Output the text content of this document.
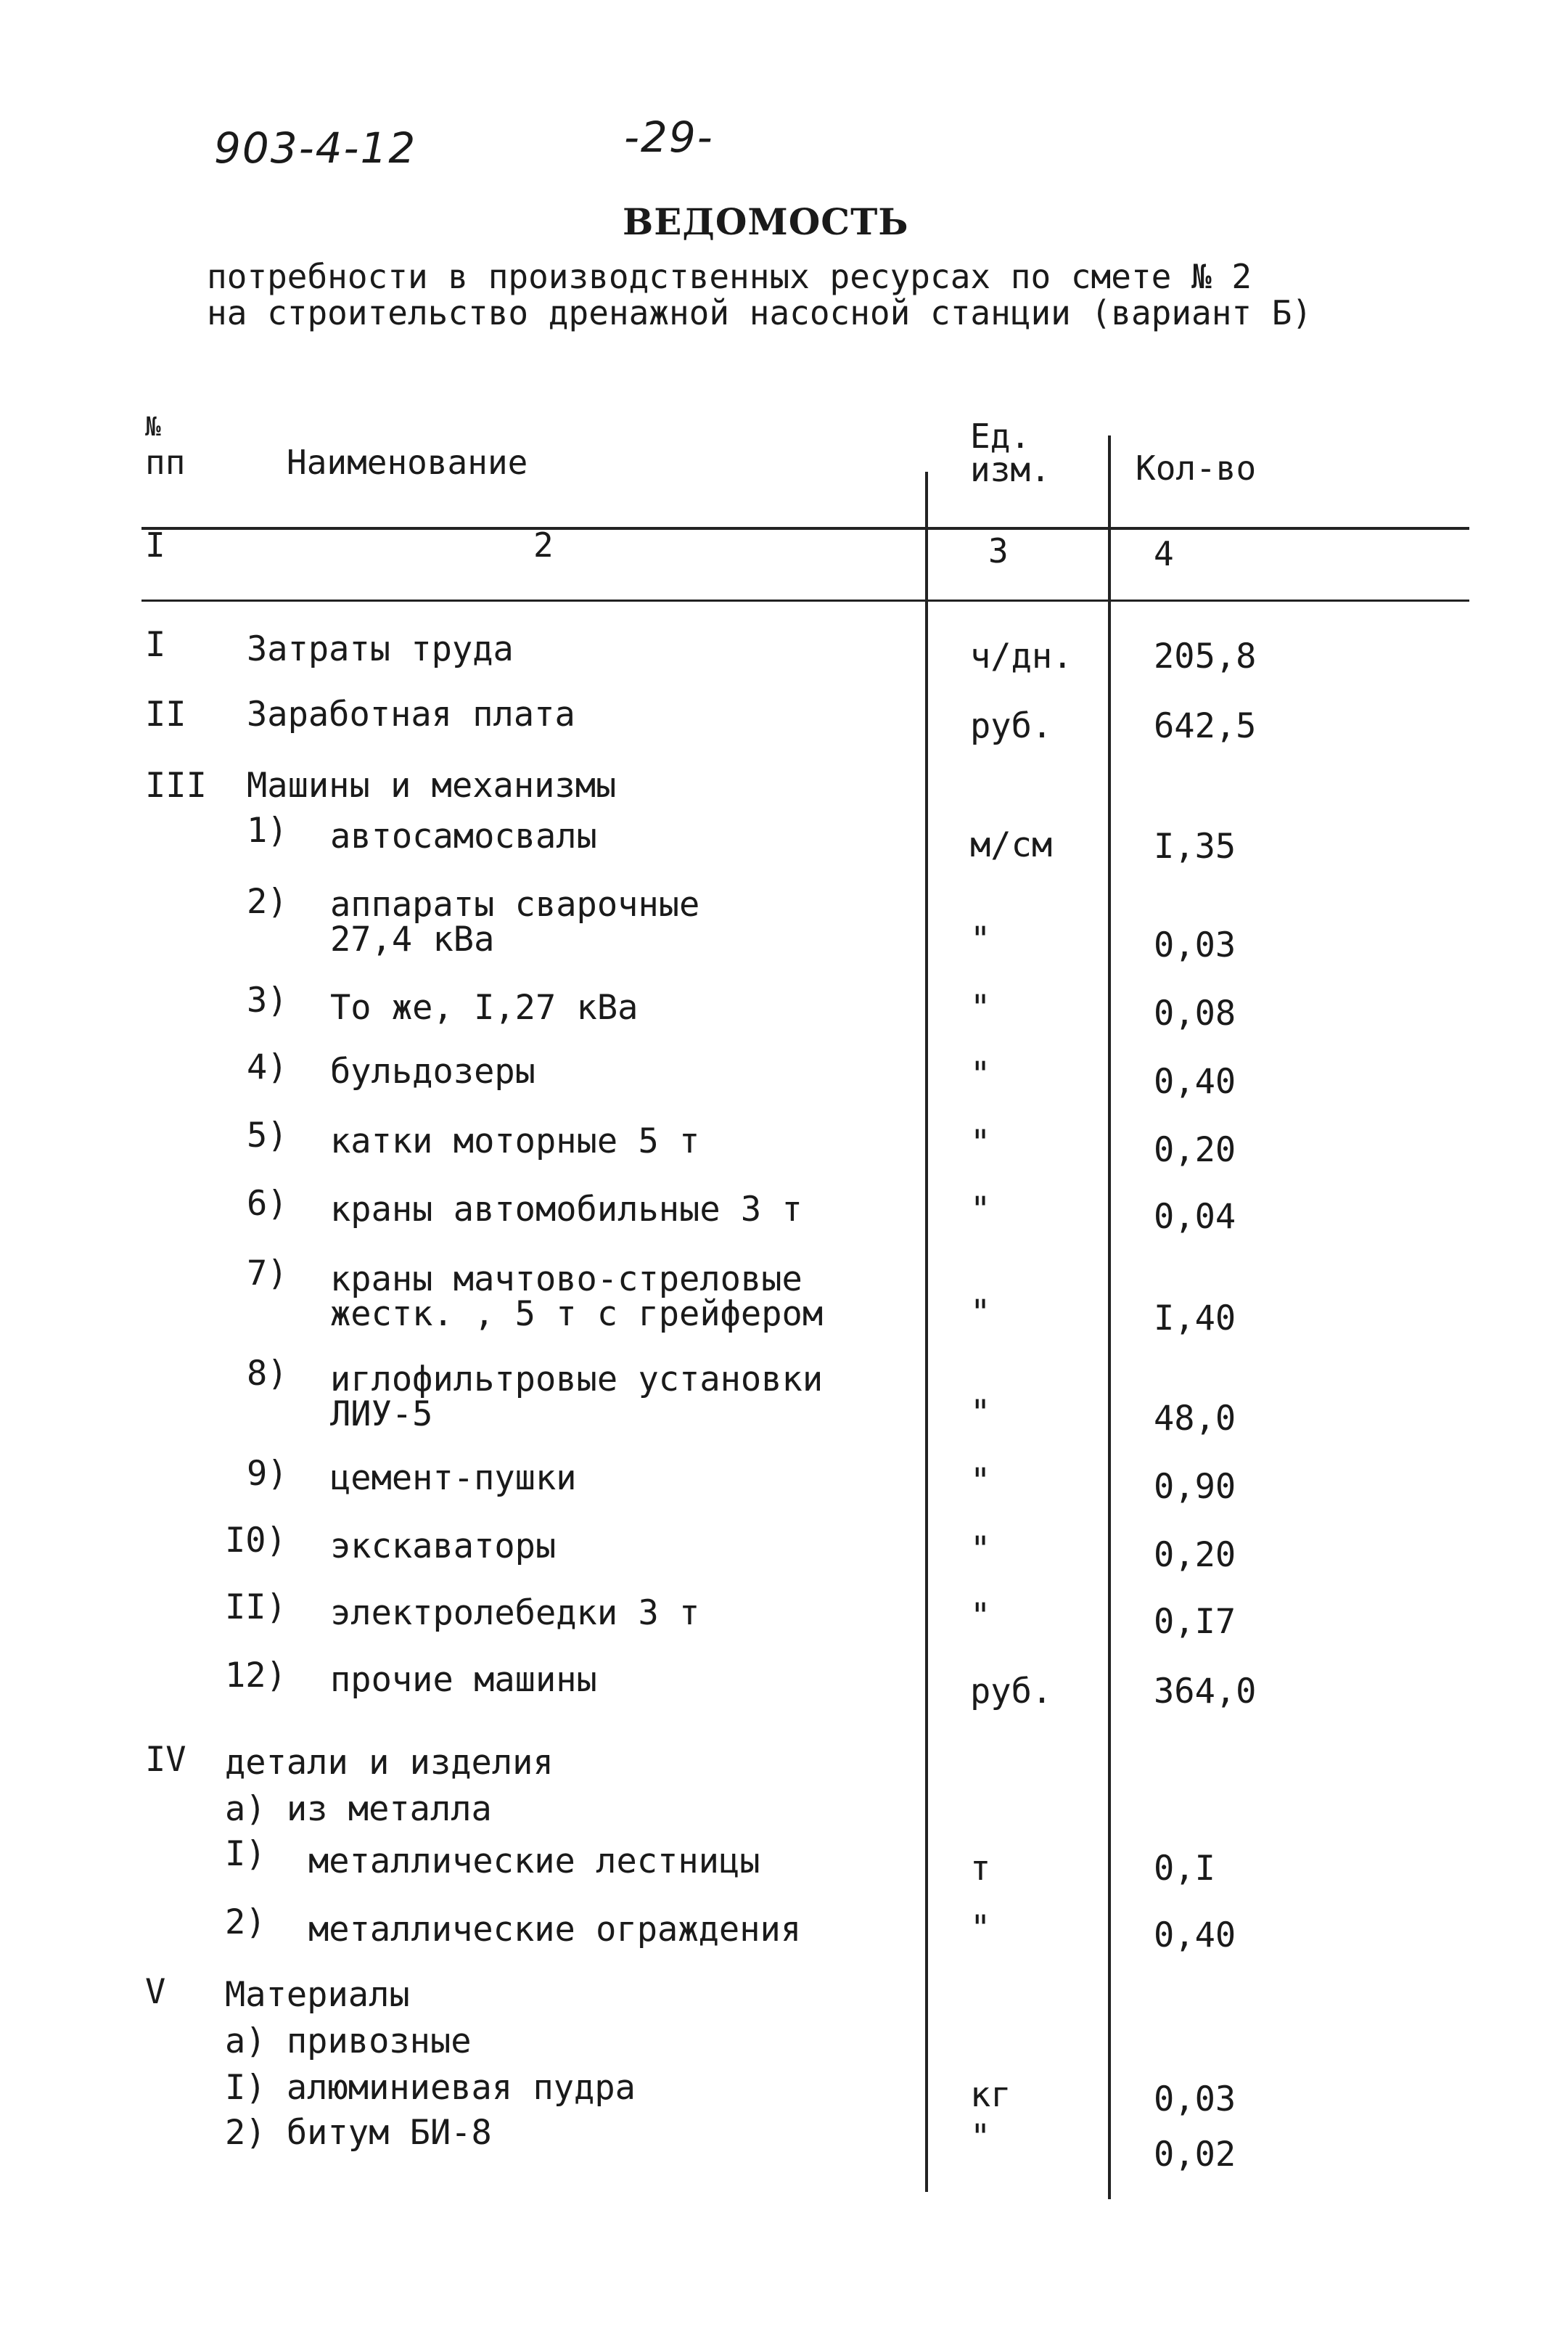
903-4-12	-29-
ВЕДОМОСТЬ
потребности в производственных ресурсах по смете № 2
на строительство дренажной насосной станции (вариант Б)
№
пп	Наименование
Ед.
изм.	Кол-во
I	2	3	4
I Затраты труда	ч/дн. 205,8
II Заработная плата	руб.	642,5
III Машины и механизмы
1) автосамосвалы	м/см	I,35
2) аппараты сварочные
27,4 кВа	"	0,03
3) То же, I,27 кВа	"	0,08
4) бульдозеры	"	0,40
5) катки моторные 5 т	"	0,20
6) краны автомобильные 3 т	"	0,04
7) краны мачтово-стреловые
жестк. , 5 т с грейфером	"	I,40
8) иглофильтровые установки
ЛИУ-5	"	48,0
9) цемент-пушки	"	0,90
I0) экскаваторы	"	0,20
II) электролебедки 3 т	"	0,I7
12) прочие машины	руб.	364,0
IV детали и изделия
а) из металла
I) металлические лестницы	т	0,I
2) металлические ограждения	"	0,40
V Материалы
а) привозные
I) алюминиевая пудра	кг	0,03
2) битум БИ-8	"	0,02
